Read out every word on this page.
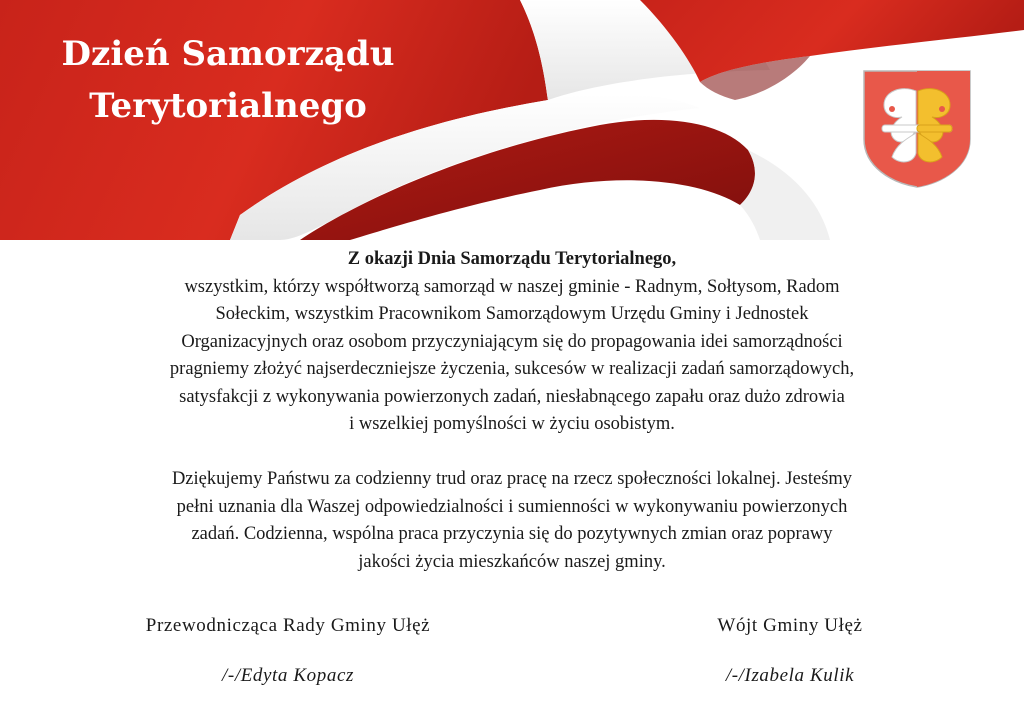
Dzień Samorządu
Terytorialnego

Z okazji Dnia Samorządu Terytorialnego,

wszystkim, którzy współtworzą samorząd w naszej gminie - Radnym, Sołtysom, Radom
Sołeckim, wszystkim Pracownikom Samorządowym Urzędu Gminy i Jednostek
Organizacyjnych oraz osobom przyczyniającym się do propagowania idei samorządności
pragniemy złożyć najserdeczniejsze życzenia, sukcesów w realizacji zadań samorządowych,
satysfakcji z wykonywania powierzonych zadań, niesłabnącego zapału oraz dużo zdrowia
i wszelkiej pomyślności w życiu osobistym.

Dziękujemy Państwu za codzienny trud oraz pracę na rzecz społeczności lokalnej. Jesteśmy
pełni uznania dla Waszej odpowiedzialności i sumienności w wykonywaniu powierzonych
zadań. Codzienna, wspólna praca przyczynia się do pozytywnych zmian oraz poprawy
jakości życia mieszkańców naszej gminy.

Przewodnicząca Rady Gminy Ułęż
/-/Edyta Kopacz
Wójt Gminy Ułęż
/-/Izabela Kulik
